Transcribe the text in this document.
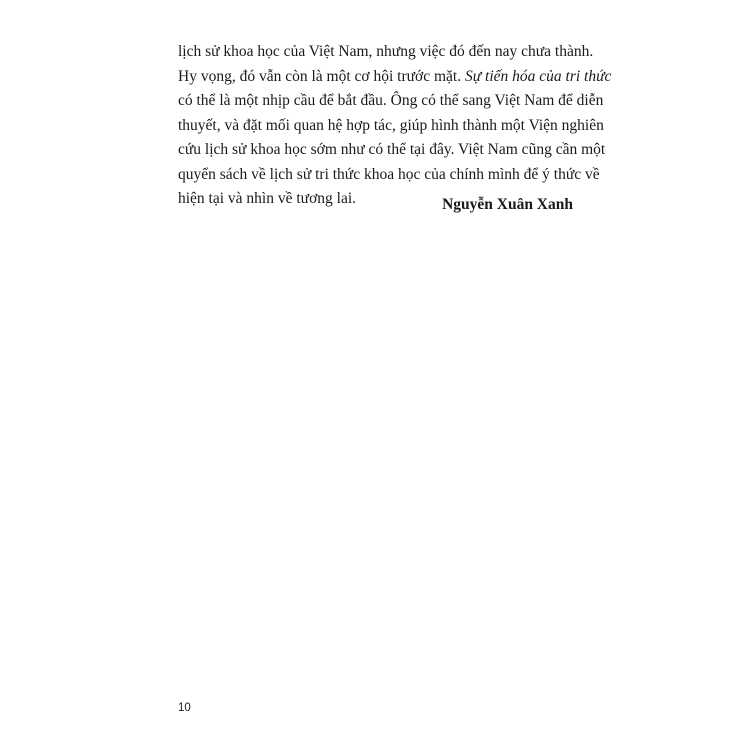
lịch sử khoa học của Việt Nam, nhưng việc đó đến nay chưa thành.
Hy vọng, đó vẫn còn là một cơ hội trước mặt. Sự tiến hóa của tri thức
có thể là một nhịp cầu để bắt đầu. Ông có thể sang Việt Nam để diễn
thuyết, và đặt mối quan hệ hợp tác, giúp hình thành một Viện nghiên
cứu lịch sử khoa học sớm như có thể tại đây. Việt Nam cũng cần một
quyển sách về lịch sử tri thức khoa học của chính mình để ý thức về
hiện tại và nhìn về tương lai.	Nguyễn Xuân Xanh

10
